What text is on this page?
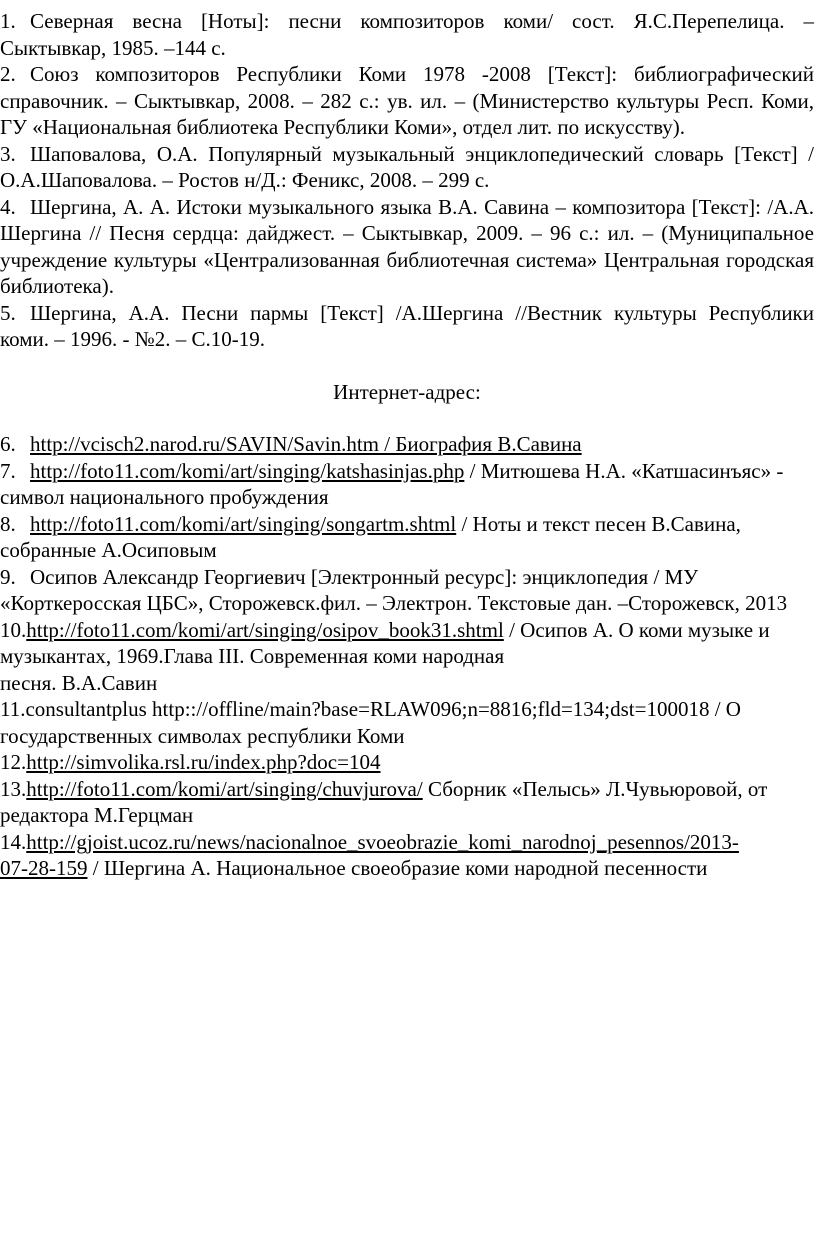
1. Северная весна [Ноты]: песни композиторов коми/ сост. Я.С.Перепелица. – Сыктывкар, 1985. –144 с.

2. Союз композиторов Республики Коми 1978 -2008 [Текст]: библиографический справочник. – Сыктывкар, 2008. – 282 с.: ув. ил. – (Министерство культуры Респ. Коми, ГУ «Национальная библиотека Республики Коми», отдел лит. по искусству).

3. Шаповалова, О.А. Популярный музыкальный энциклопедический словарь [Текст] /О.А.Шаповалова. – Ростов н/Д.: Феникс, 2008. – 299 с.

4. Шергина, А. А. Истоки музыкального языка В.А. Савина – композитора [Текст]: /А.А. Шергина // Песня сердца: дайджест. – Сыктывкар, 2009. – 96 с.: ил. – (Муниципальное учреждение культуры «Централизованная библиотечная система» Центральная городская библиотека).

5. Шергина, А.А. Песни пармы [Текст] /А.Шергина //Вестник культуры Республики коми. – 1996. - №2. – С.10-19.

Интернет-адрес:

6. http://vcisch2.narod.ru/SAVIN/Savin.htm / Биография В.Савина

7. http://foto11.com/komi/art/singing/katshasinjas.php / Митюшева Н.А. «Катшасинъяс» - символ национального пробуждения

8. http://foto11.com/komi/art/singing/songartm.shtml / Ноты и текст песен В.Савина, собранные А.Осиповым

9. Осипов Александр Георгиевич [Электронный ресурс]: энциклопедия / МУ «Корткеросская ЦБС», Сторожевск.фил. – Электрон. Текстовые дан. –Сторожевск, 2013

10.http://foto11.com/komi/art/singing/osipov_book31.shtml / Осипов А. О коми музыке и музыкантах, 1969.Глава III. Современная коми народная
песня. В.А.Савин

11.consultantplus http:://offline/main?base=RLAW096;n=8816;fld=134;dst=100018 / О государственных символах республики Коми

12.http://simvolika.rsl.ru/index.php?doc=104

13.http://foto11.com/komi/art/singing/chuvjurova/ Сборник «Пелысь» Л.Чувьюровой, от редактора М.Герцман

14.http://gjoist.ucoz.ru/news/nacionalnoe_svoeobrazie_komi_narodnoj_pesennos/2013-
07-28-159 / Шергина А. Национальное своеобразие коми народной песенности
